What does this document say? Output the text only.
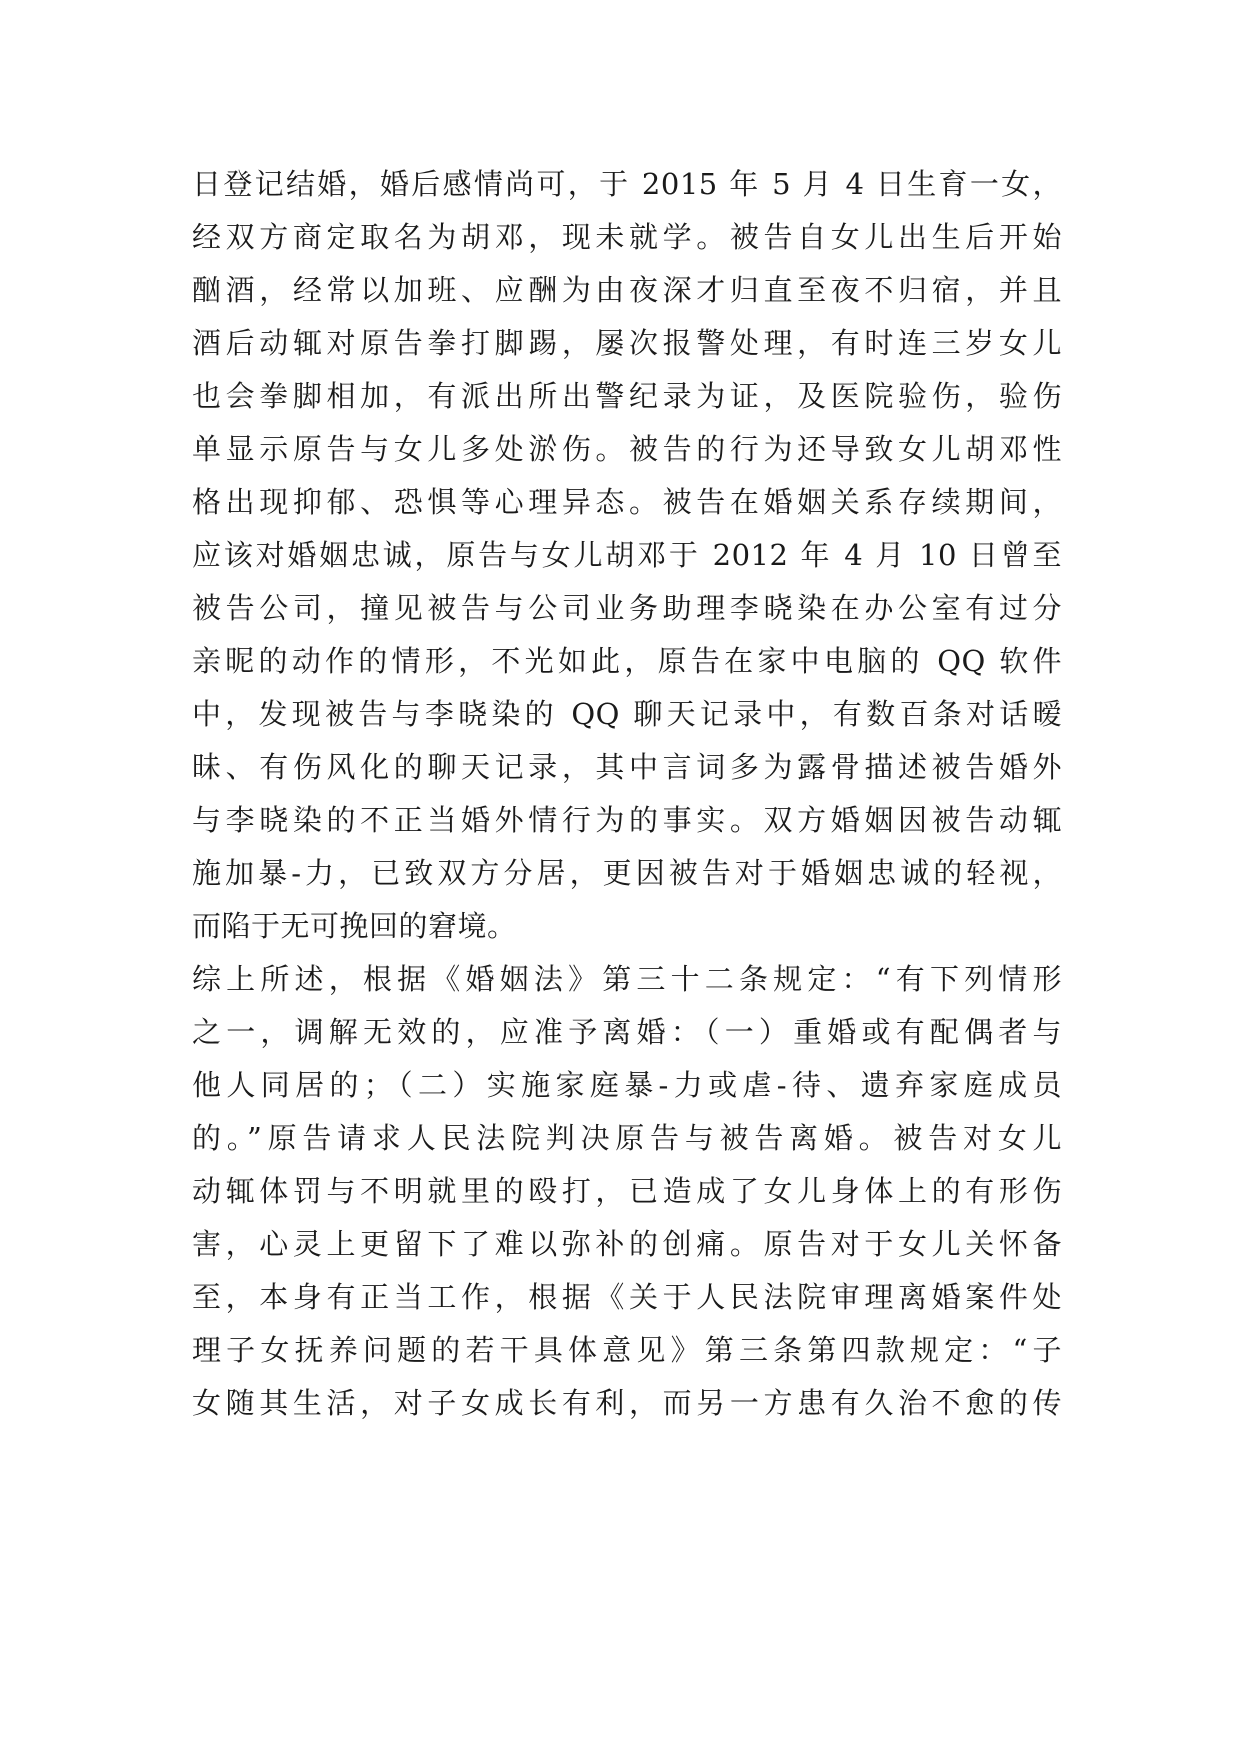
日登记结婚，婚后感情尚可，于 2015 年 5 月 4 日生育一女，
经双方商定取名为胡邓，现未就学。被告自女儿出生后开始
酗酒，经常以加班、应酬为由夜深才归直至夜不归宿，并且
酒后动辄对原告拳打脚踢，屡次报警处理，有时连三岁女儿
也会拳脚相加，有派出所出警纪录为证，及医院验伤，验伤
单显示原告与女儿多处淤伤。被告的行为还导致女儿胡邓性
格出现抑郁、恐惧等心理异态。被告在婚姻关系存续期间，
应该对婚姻忠诚，原告与女儿胡邓于 2012 年 4 月 10 日曾至
被告公司，撞见被告与公司业务助理李晓染在办公室有过分
亲昵的动作的情形，不光如此，原告在家中电脑的 QQ 软件
中，发现被告与李晓染的 QQ 聊天记录中，有数百条对话暧
昧、有伤风化的聊天记录，其中言词多为露骨描述被告婚外
与李晓染的不正当婚外情行为的事实。双方婚姻因被告动辄
施加暴-力，已致双方分居，更因被告对于婚姻忠诚的轻视，
而陷于无可挽回的窘境。
综上所述，根据《婚姻法》第三十二条规定：“有下列情形
之一，调解无效的，应准予离婚：（一）重婚或有配偶者与
他人同居的；（二）实施家庭暴-力或虐-待、遗弃家庭成员
的。”原告请求人民法院判决原告与被告离婚。被告对女儿
动辄体罚与不明就里的殴打，已造成了女儿身体上的有形伤
害，心灵上更留下了难以弥补的创痛。原告对于女儿关怀备
至，本身有正当工作，根据《关于人民法院审理离婚案件处
理子女抚养问题的若干具体意见》第三条第四款规定：“子
女随其生活，对子女成长有利，而另一方患有久治不愈的传
